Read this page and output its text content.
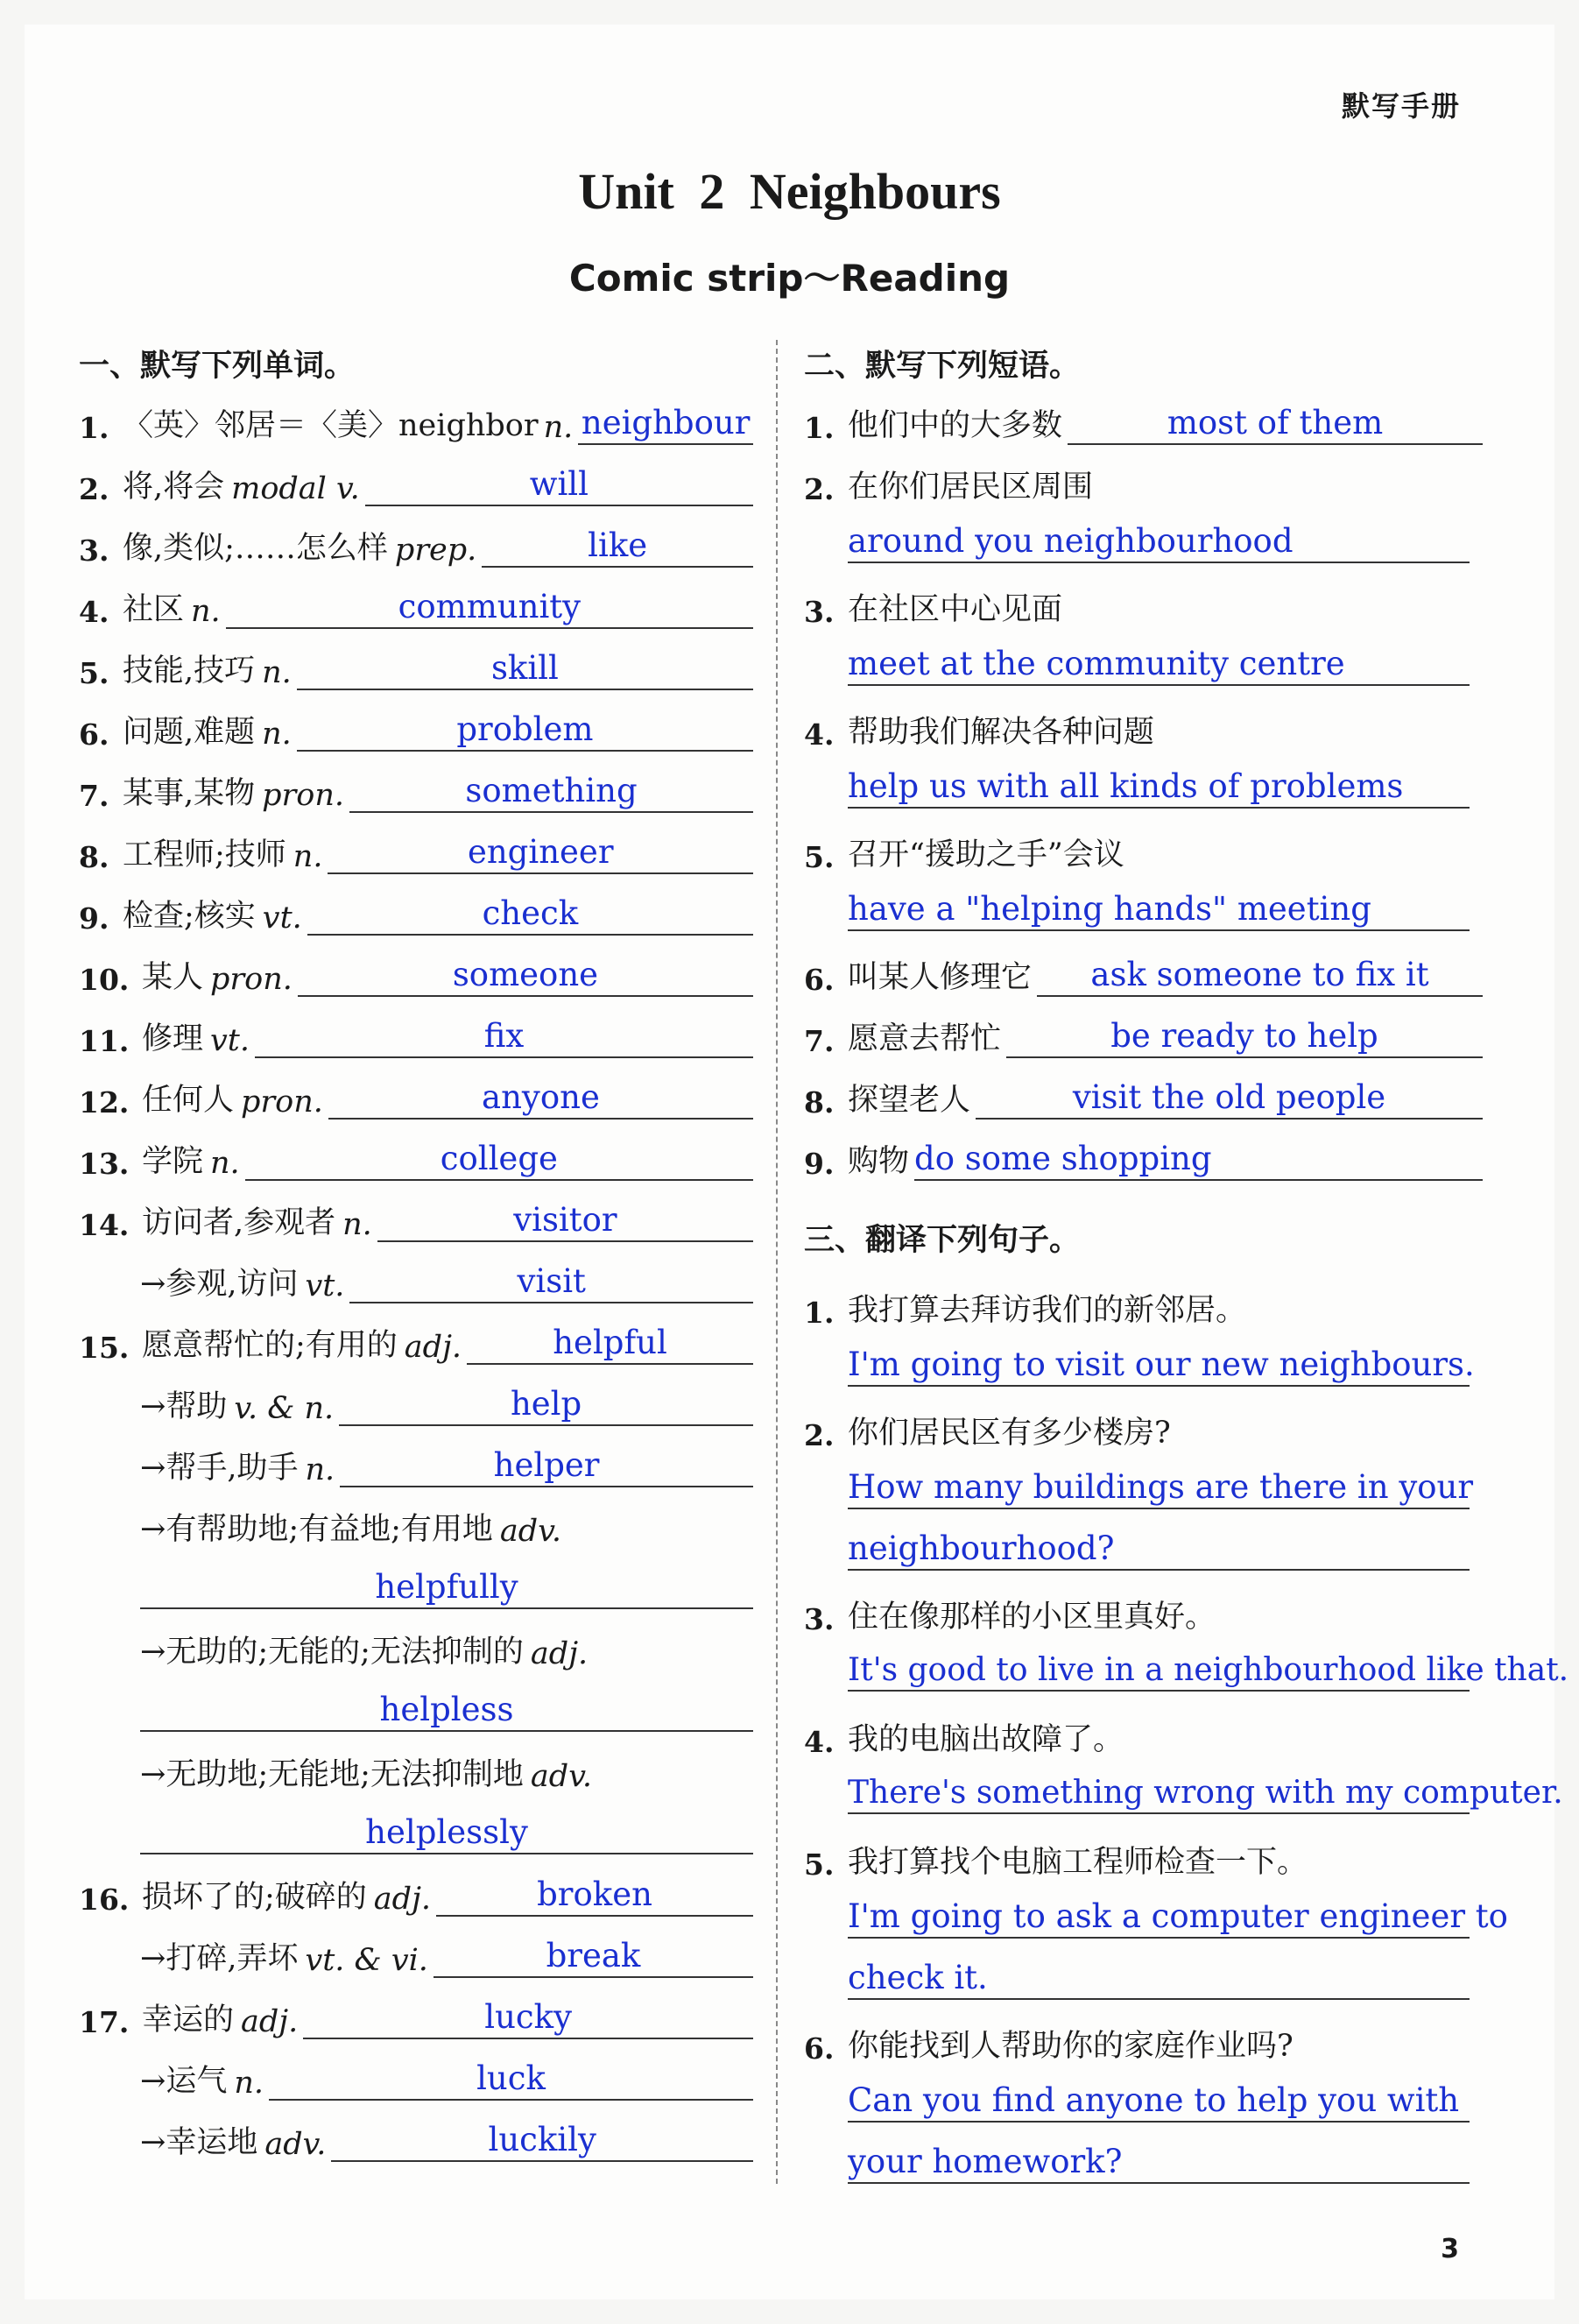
默写手册
Unit 2 Neighbours
Comic strip～Reading
一、默写下列单词。
1. 〈英〉邻居＝〈美〉neighbor n. neighbour
2. 将,将会 modal v.	will
3. 像,类似;……怎么样 prep.	like
4. 社区 n.	community
5. 技能,技巧 n.	skill
6. 问题,难题 n.	problem
7. 某事,某物 pron.	something
8. 工程师;技师 n.	engineer
9. 检查;核实 vt.	check
10. 某人 pron.	someone
11. 修理 vt.	fix
12. 任何人 pron.	anyone
13. 学院 n.	college
14. 访问者,参观者 n.	visitor
→参观,访问 vt.	visit
15. 愿意帮忙的;有用的 adj.	helpful
→帮助 v. & n.	help
→帮手,助手 n.	helper
→有帮助地;有益地;有用地 adv.
helpfully
→无助的;无能的;无法抑制的 adj.
helpless
→无助地;无能地;无法抑制地 adv.
helplessly
16. 损坏了的;破碎的 adj.	broken
→打碎,弄坏 vt. & vi.	break
17. 幸运的 adj.	lucky
→运气 n.	luck
→幸运地 adv.	luckily
二、默写下列短语。
1. 他们中的大多数	most of them
2. 在你们居民区周围
around you neighbourhood
3. 在社区中心见面
meet at the community centre
4. 帮助我们解决各种问题
help us with all kinds of problems
5. 召开“援助之手”会议
have a "helping hands" meeting
6. 叫某人修理它	ask someone to fix it
7. 愿意去帮忙	be ready to help
8. 探望老人	visit the old people
9. 购物 do some shopping
三、翻译下列句子。
1. 我打算去拜访我们的新邻居。
I'm going to visit our new neighbours.
2. 你们居民区有多少楼房?
How many buildings are there in your
neighbourhood?
3. 住在像那样的小区里真好。
It's good to live in a neighbourhood like that.
4. 我的电脑出故障了。
There's something wrong with my computer.
5. 我打算找个电脑工程师检查一下。
I'm going to ask a computer engineer to
check it.
6. 你能找到人帮助你的家庭作业吗?
Can you find anyone to help you with
your homework?
3
